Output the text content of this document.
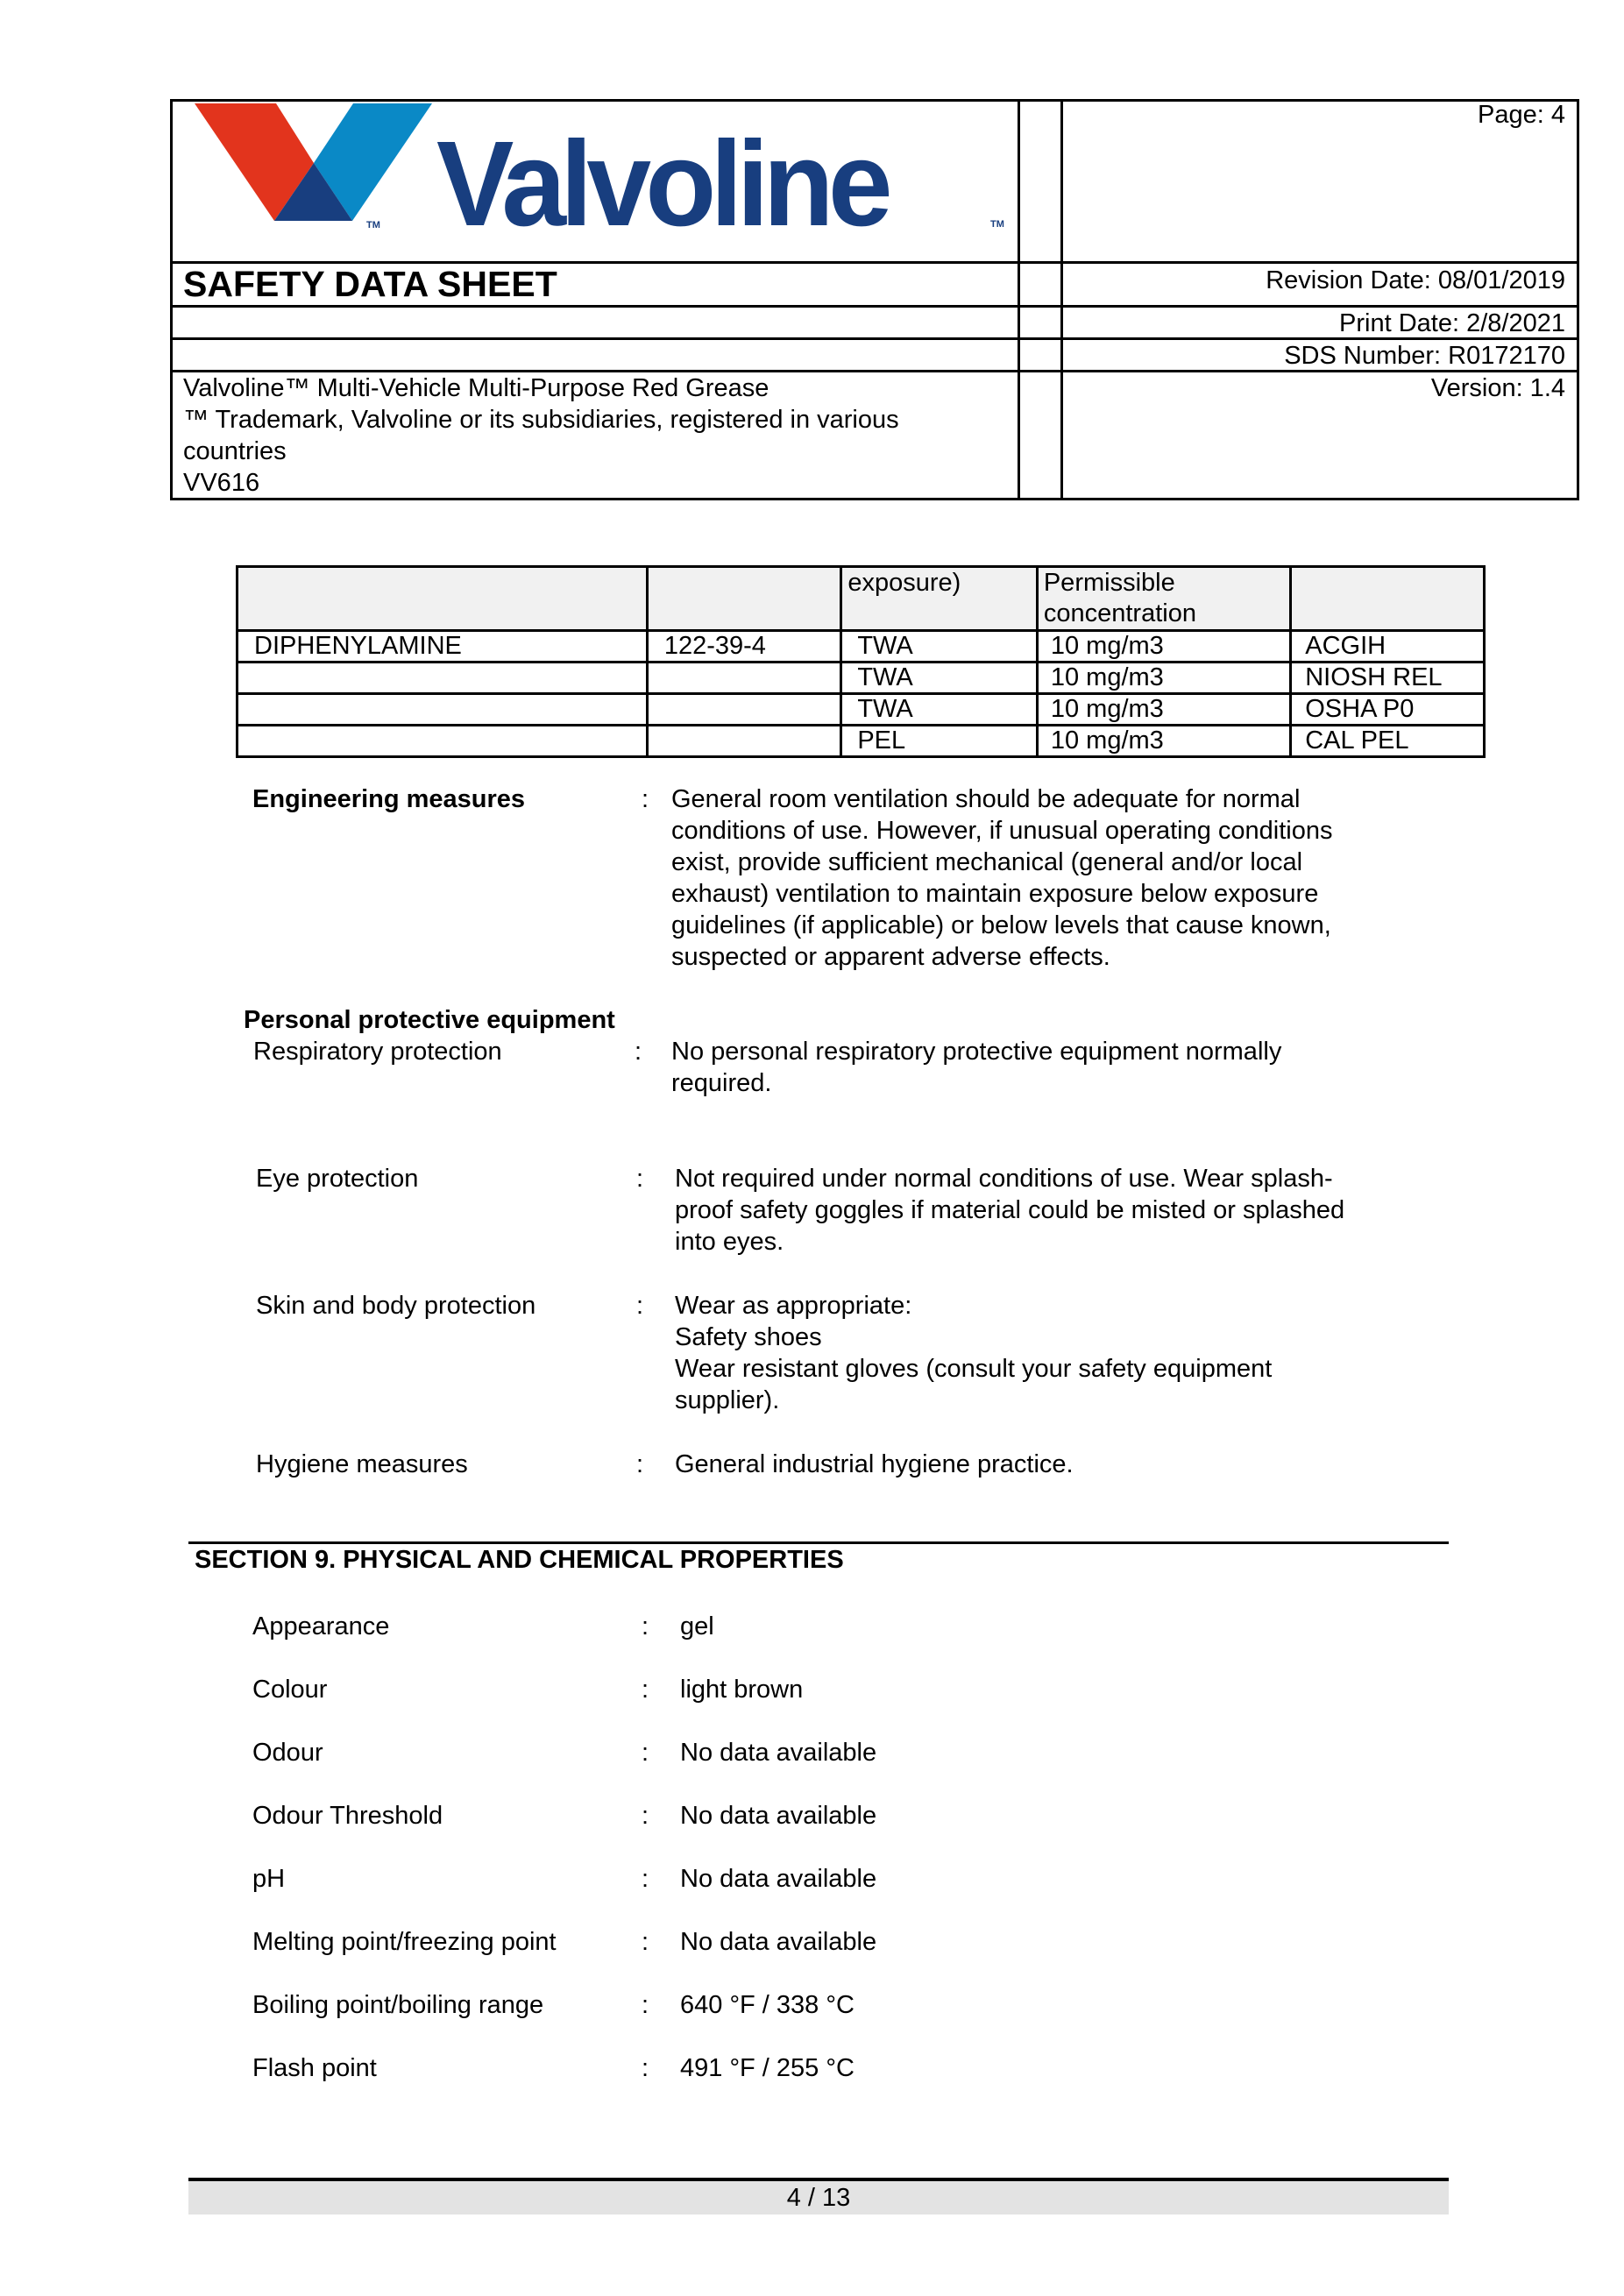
TM Valvoline	TM
Page: 4
SAFETY DATA SHEET	Revision Date: 08/01/2019
Print Date: 2/8/2021
SDS Number: R0172170
Version: 1.4
Valvoline™ Multi-Vehicle Multi-Purpose Red Grease
™ Trademark, Valvoline or its subsidiaries, registered in various
countries
VV616

		exposure)	Permissible
concentration	

DIPHENYLAMINE	122-39-4	TWA	10 mg/m3	ACGIH
		TWA	10 mg/m3	NIOSH REL
		TWA	10 mg/m3	OSHA P0
		PEL	10 mg/m3	CAL PEL
Engineering measures	: General room ventilation should be adequate for normal
conditions of use. However, if unusual operating conditions
exist, provide sufficient mechanical (general and/or local
exhaust) ventilation to maintain exposure below exposure
guidelines (if applicable) or below levels that cause known,
suspected or apparent adverse effects.
Personal protective equipment
Respiratory protection	: No personal respiratory protective equipment normally
required.
Eye protection	: Not required under normal conditions of use. Wear splash-
proof safety goggles if material could be misted or splashed
into eyes.
Skin and body protection	: Wear as appropriate:
Safety shoes
Wear resistant gloves (consult your safety equipment
supplier).
Hygiene measures	: General industrial hygiene practice.
SECTION 9. PHYSICAL AND CHEMICAL PROPERTIES
Appearance	: gel
Colour	: light brown
Odour	: No data available
Odour Threshold	: No data available
pH	: No data available
Melting point/freezing point	: No data available
Boiling point/boiling range	: 640 °F / 338 °C
Flash point	: 491 °F / 255 °C
4 / 13
